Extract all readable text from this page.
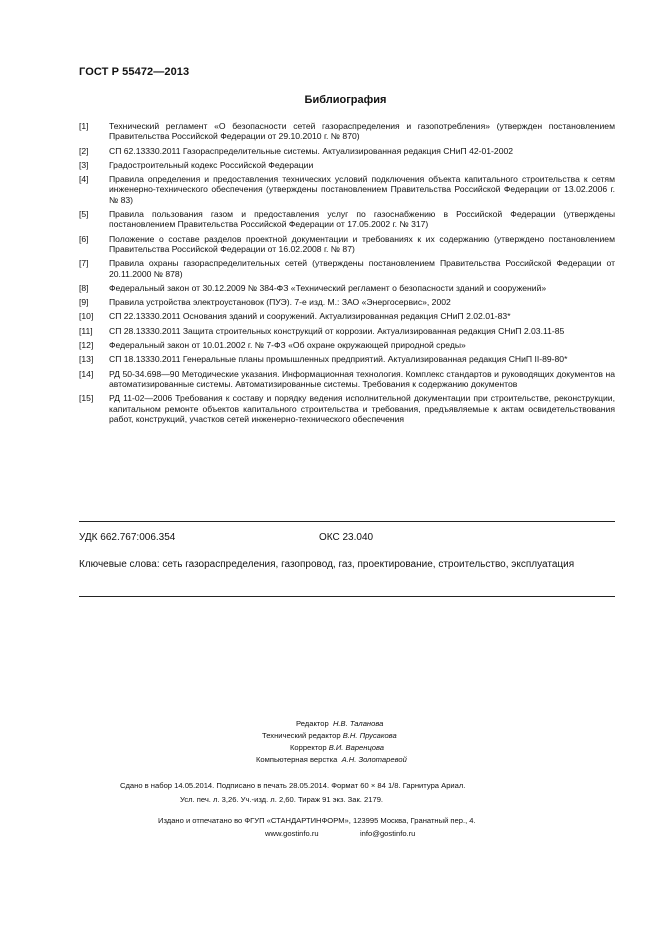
ГОСТ Р 55472—2013
Библиография
[1]	Технический регламент «О безопасности сетей газораспределения и газопотребления» (утвержден постановлением Правительства Российской Федерации от 29.10.2010 г. № 870)
[2]	СП 62.13330.2011 Газораспределительные системы. Актуализированная редакция СНиП 42-01-2002
[3]	Градостроительный кодекс Российской Федерации
[4]	Правила определения и предоставления технических условий подключения объекта капитального строительства к сетям инженерно-технического обеспечения (утверждены постановлением Правительства Российской Федерации от 13.02.2006 г. № 83)
[5]	Правила пользования газом и предоставления услуг по газоснабжению в Российской Федерации (утверждены постановлением Правительства Российской Федерации от 17.05.2002 г. № 317)
[6]	Положение о составе разделов проектной документации и требованиях к их содержанию (утверждено постановлением Правительства Российской Федерации от 16.02.2008 г. № 87)
[7]	Правила охраны газораспределительных сетей (утверждены постановлением Правительства Российской Федерации от 20.11.2000 № 878)
[8]	Федеральный закон от 30.12.2009 № 384-ФЗ «Технический регламент о безопасности зданий и сооружений»
[9]	Правила устройства электроустановок (ПУЭ). 7-е изд. М.: ЗАО «Энергосервис», 2002
[10]	СП 22.13330.2011 Основания зданий и сооружений. Актуализированная редакция СНиП 2.02.01-83*
[11]	СП 28.13330.2011 Защита строительных конструкций от коррозии. Актуализированная редакция СНиП 2.03.11-85
[12]	Федеральный закон от 10.01.2002 г. № 7-ФЗ «Об охране окружающей природной среды»
[13]	СП 18.13330.2011 Генеральные планы промышленных предприятий. Актуализированная редакция СНиП II-89-80*
[14]	РД 50-34.698—90 Методические указания. Информационная технология. Комплекс стандартов и руководящих документов на автоматизированные системы. Автоматизированные системы. Требования к содержанию документов
[15]	РД 11-02—2006 Требования к составу и порядку ведения исполнительной документации при строительстве, реконструкции, капитальном ремонте объектов капитального строительства и требования, предъявляемые к актам освидетельствования работ, конструкций, участков сетей инженерно-технического обеспечения
УДК 662.767:006.354	ОКС 23.040
Ключевые слова: сеть газораспределения, газопровод, газ, проектирование, строительство, эксплуатация
Редактор Н.В. Таланова
Технический редактор В.Н. Прусакова
Корректор В.И. Варенцова
Компьютерная верстка А.Н. Золотаревой
Сдано в набор 14.05.2014. Подписано в печать 28.05.2014. Формат 60 × 84 1/8. Гарнитура Ариал.
Усл. печ. л. 3,26. Уч.-изд. л. 2,60. Тираж 91 экз. Зак. 2179.
Издано и отпечатано во ФГУП «СТАНДАРТИНФОРМ», 123995 Москва, Гранатный пер., 4.
www.gostinfo.ru	info@gostinfo.ru
